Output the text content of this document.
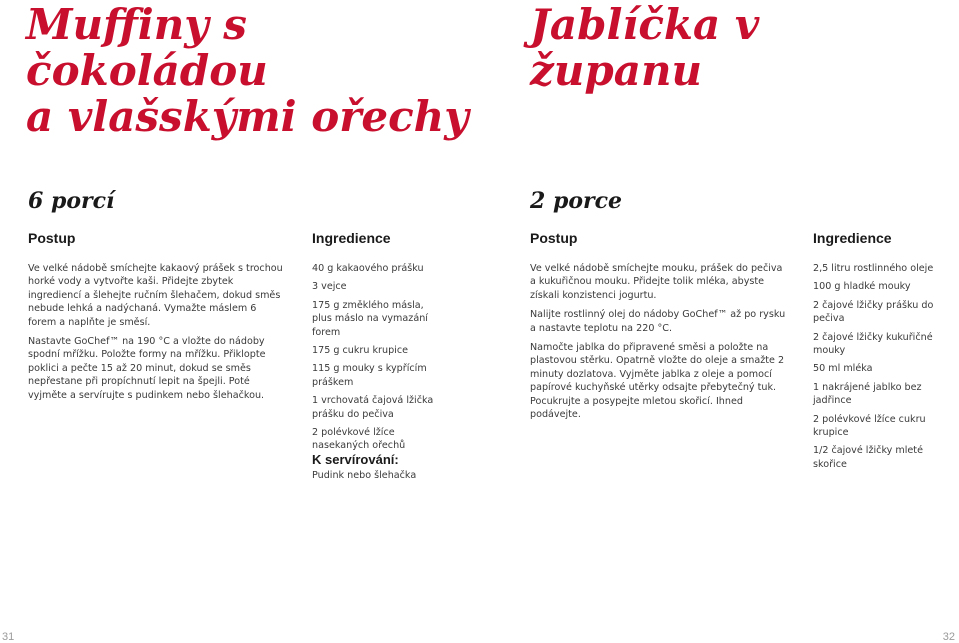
Muffiny s
čokoládou
a vlašskými ořechy
6 porcí
Postup	Ingredience

Ve velké nádobě smíchejte kakaový prášek s trochou horké vody a vytvořte kaši. Přidejte zbytek ingrediencí a šlehejte ručním šlehačem, dokud směs nebude lehká a nadýchaná. Vymažte máslem 6 forem a naplňte je směsí.

Nastavte GoChef™ na 190 °C a vložte do nádoby spodní mřížku. Položte formy na mřížku. Přiklopte poklici a pečte 15 až 20 minut, dokud se směs nepřestane při propíchnutí lepit na špejli. Poté vyjměte a servírujte s pudinkem nebo šlehačkou.

40 g kakaového prášku
3 vejce
175 g změklého másla, plus máslo na vymazání forem
175 g cukru krupice
115 g mouky s kypřícím práškem
1 vrchovatá čajová lžička prášku do pečiva
2 polévkové lžíce nasekaných ořechů
K servírování:

Pudink nebo šlehačka

31

Jablíčka v
županu
2 porce
Postup	Ingredience

Ve velké nádobě smíchejte mouku, prášek do pečiva a kukuřičnou mouku. Přidejte tolik mléka, abyste získali konzistenci jogurtu.

Nalijte rostlinný olej do nádoby GoChef™ až po rysku a nastavte teplotu na 220 °C.

Namočte jablka do připravené směsi a položte na plastovou stěrku. Opatrně vložte do oleje a smažte 2 minuty dozlatova. Vyjměte jablka z oleje a pomocí papírové kuchyňské utěrky odsajte přebytečný tuk. Pocukrujte a posypejte mletou skořicí. Ihned podávejte.

2,5 litru rostlinného oleje
100 g hladké mouky
2 čajové lžičky prášku do pečiva
2 čajové lžičky kukuřičné mouky
50 ml mléka
1 nakrájené jablko bez jadřince
2 polévkové lžíce cukru krupice
1/2 čajové lžičky mleté skořice

32
